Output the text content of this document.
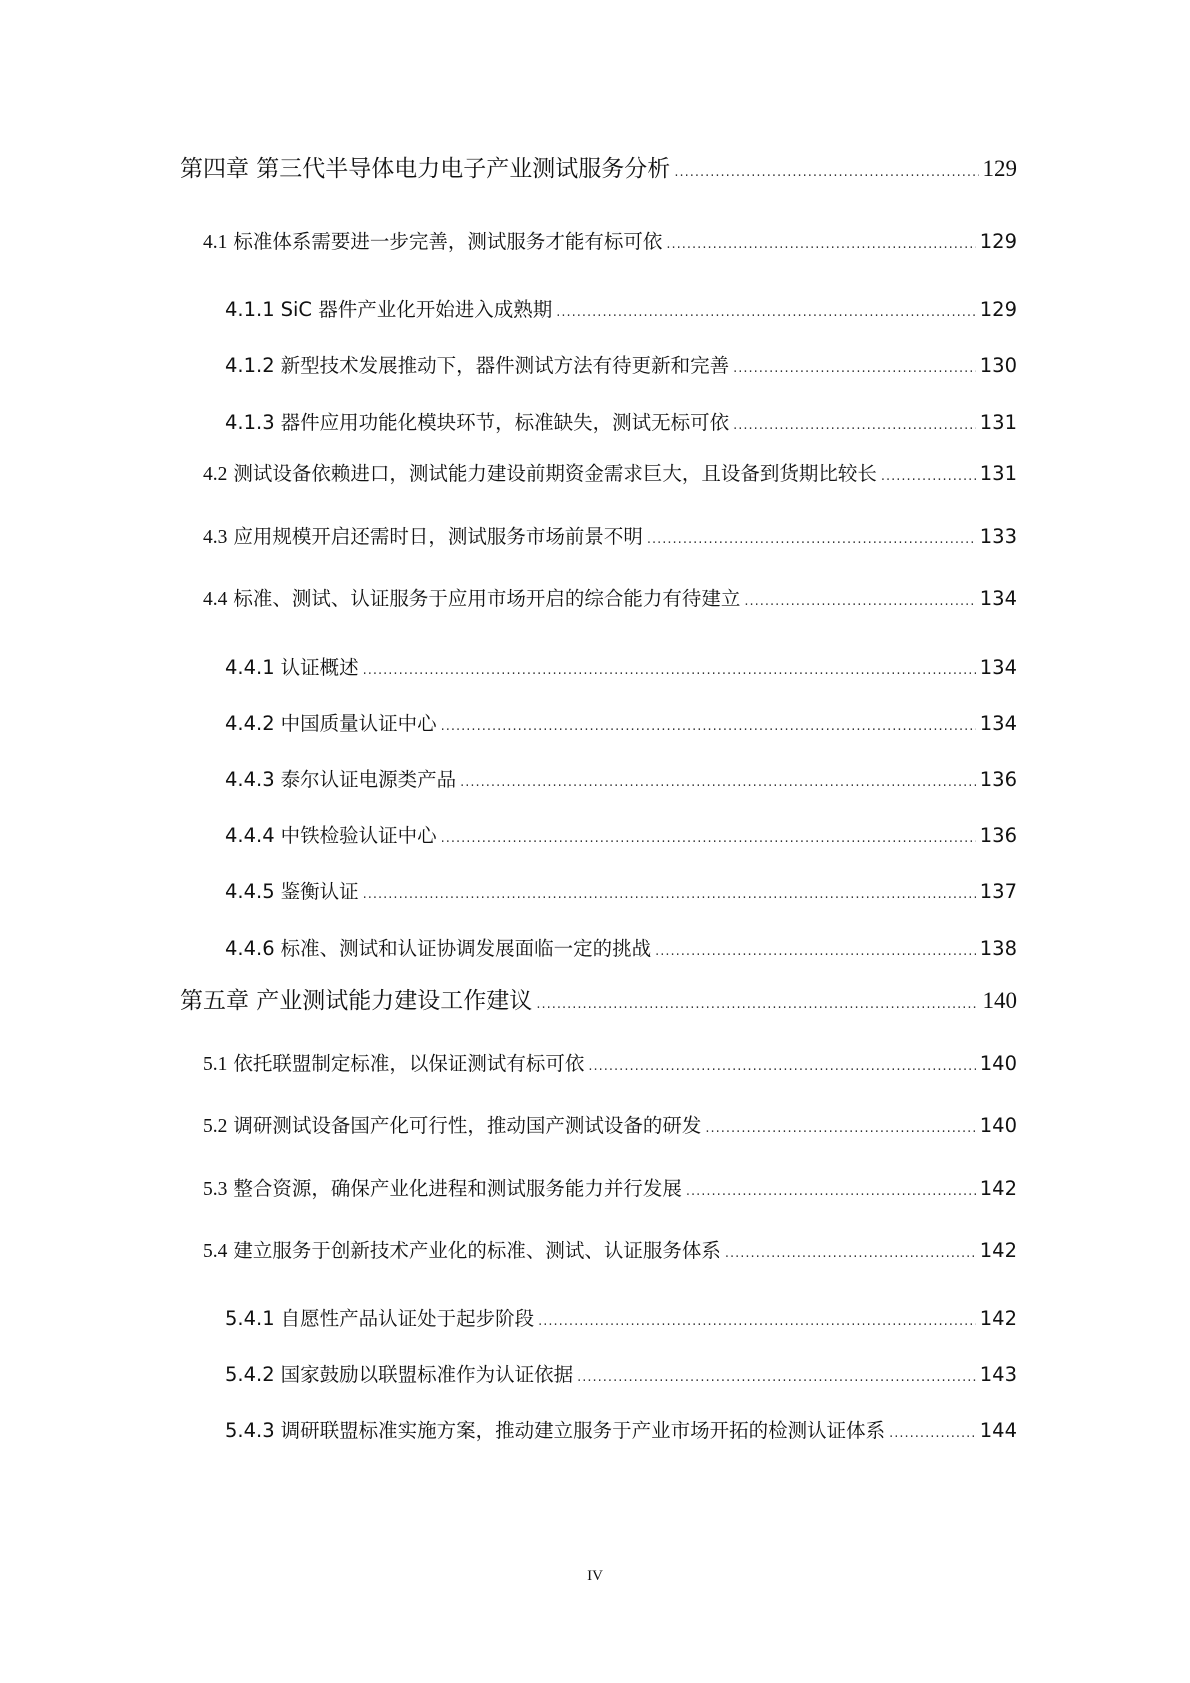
第四章 第三代半导体电力电子产业测试服务分析 .....	129
4.1 标准体系需要进一步完善，测试服务才能有标可依 .....	129
4.1.1 SiC 器件产业化开始进入成熟期 .....	129
4.1.2 新型技术发展推动下，器件测试方法有待更新和完善 .....	130
4.1.3 器件应用功能化模块环节，标准缺失，测试无标可依 .....	131
4.2 测试设备依赖进口，测试能力建设前期资金需求巨大，且设备到货期比较长 .....	131
4.3 应用规模开启还需时日，测试服务市场前景不明 .....	133
4.4 标准、测试、认证服务于应用市场开启的综合能力有待建立 .....	134
4.4.1 认证概述 .....	134
4.4.2 中国质量认证中心 .....	134
4.4.3 泰尔认证电源类产品 .....	136
4.4.4 中铁检验认证中心 .....	136
4.4.5 鉴衡认证 .....	137
4.4.6 标准、测试和认证协调发展面临一定的挑战 .....	138
第五章 产业测试能力建设工作建议 .....	140
5.1 依托联盟制定标准，以保证测试有标可依 .....	140
5.2 调研测试设备国产化可行性，推动国产测试设备的研发 .....	140
5.3 整合资源，确保产业化进程和测试服务能力并行发展 .....	142
5.4 建立服务于创新技术产业化的标准、测试、认证服务体系 .....	142
5.4.1 自愿性产品认证处于起步阶段 .....	142
5.4.2 国家鼓励以联盟标准作为认证依据 .....	143
5.4.3 调研联盟标准实施方案，推动建立服务于产业市场开拓的检测认证体系 .....	144
IV
